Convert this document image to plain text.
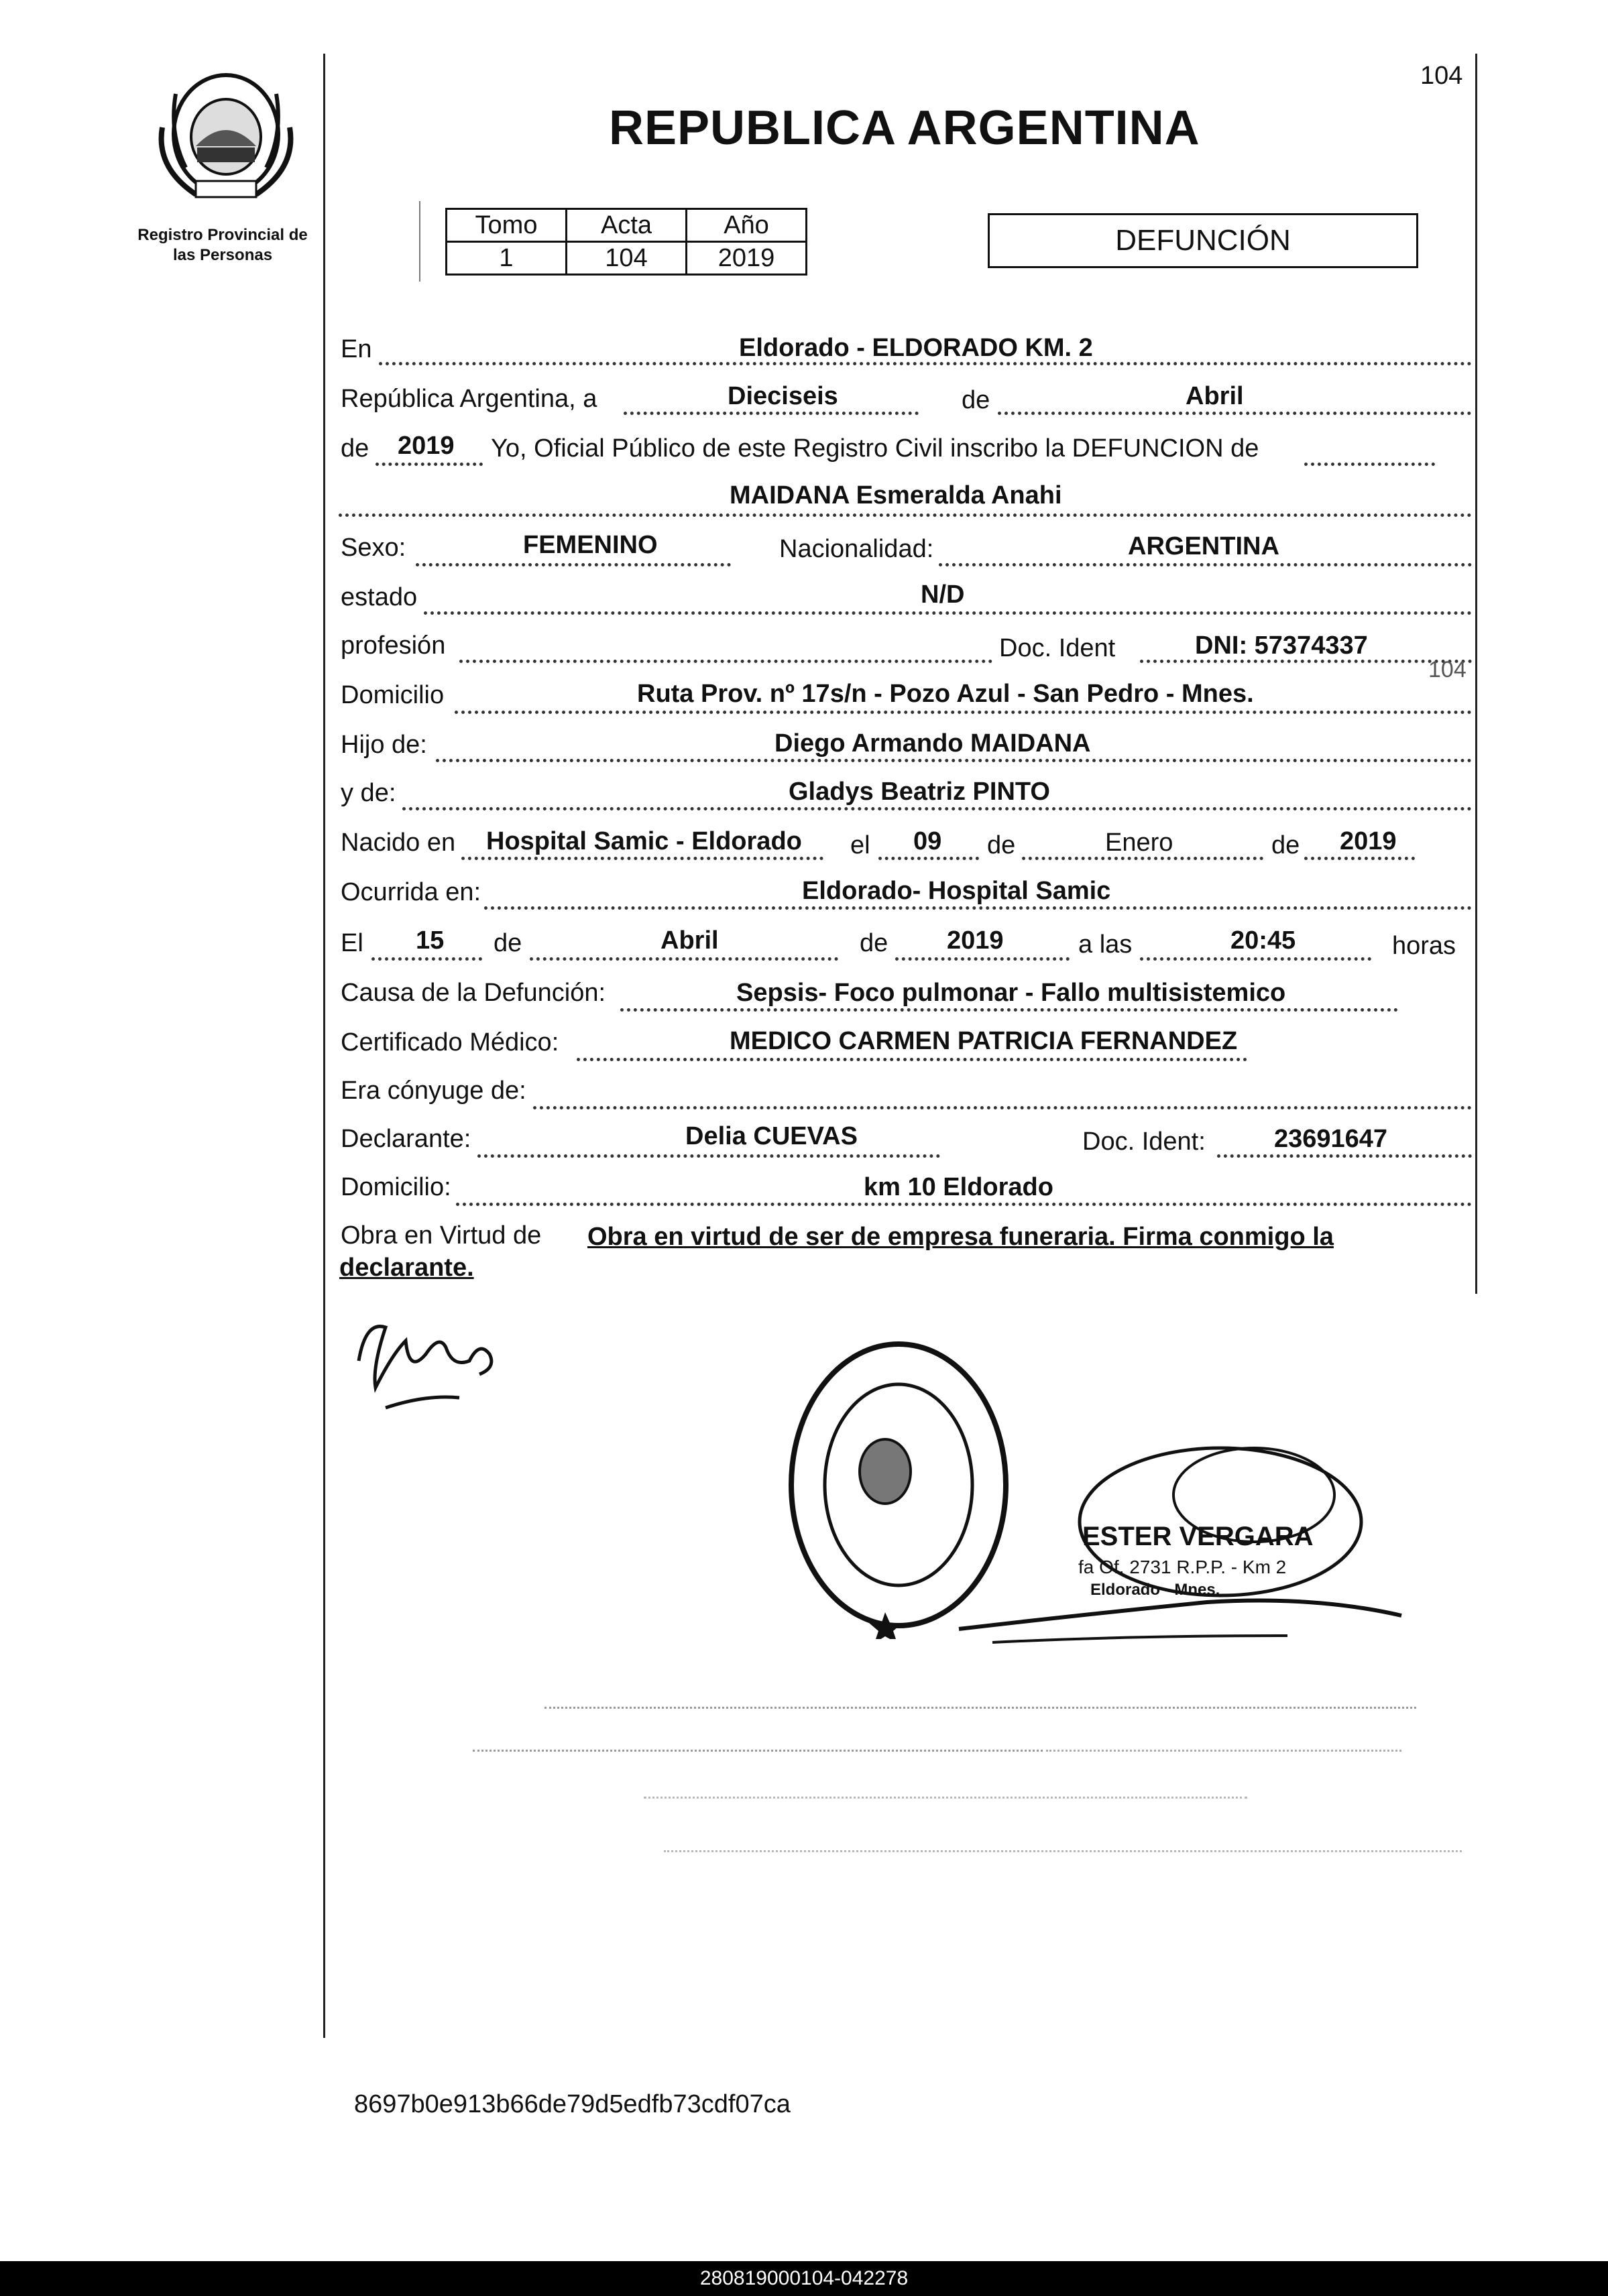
Registro Provincial de
las Personas
104
REPUBLICA ARGENTINA
Tomo	Acta	Año
1	104	2019
DEFUNCIÓN
En	Eldorado - ELDORADO KM. 2
República Argentina, a	Dieciseis	de	Abril
de 2019 Yo, Oficial Público de este Registro Civil inscribo la DEFUNCION de
MAIDANA Esmeralda Anahi
Sexo:	FEMENINO	Nacionalidad:	ARGENTINA
estado	N/D
profesión	Doc. Ident	DNI: 57374337
104
Domicilio	Ruta Prov. nº 17s/n - Pozo Azul - San Pedro - Mnes.
Hijo de:	Diego Armando MAIDANA
y de:	Gladys Beatriz PINTO
Nacido en Hospital Samic - Eldorado el 09 de	Enero	de 2019
Ocurrida en:	Eldorado- Hospital Samic
El 15 de	Abril	de 2019	a las	20:45	horas
Causa de la Defunción:	Sepsis- Foco pulmonar - Fallo multisistemico
Certificado Médico:	MEDICO CARMEN PATRICIA FERNANDEZ
Era cónyuge de:
Declarante:	Delia CUEVAS	Doc. Ident:	23691647
Domicilio:	km 10 Eldorado
Obra en Virtud de Obra en virtud de ser de empresa funeraria. Firma conmigo la
declarante.
ESTER VERGARA
fa Of. 2731 R.P.P. - Km 2
Eldorado - Mnes.
8697b0e913b66de79d5edfb73cdf07ca
280819000104-042278
